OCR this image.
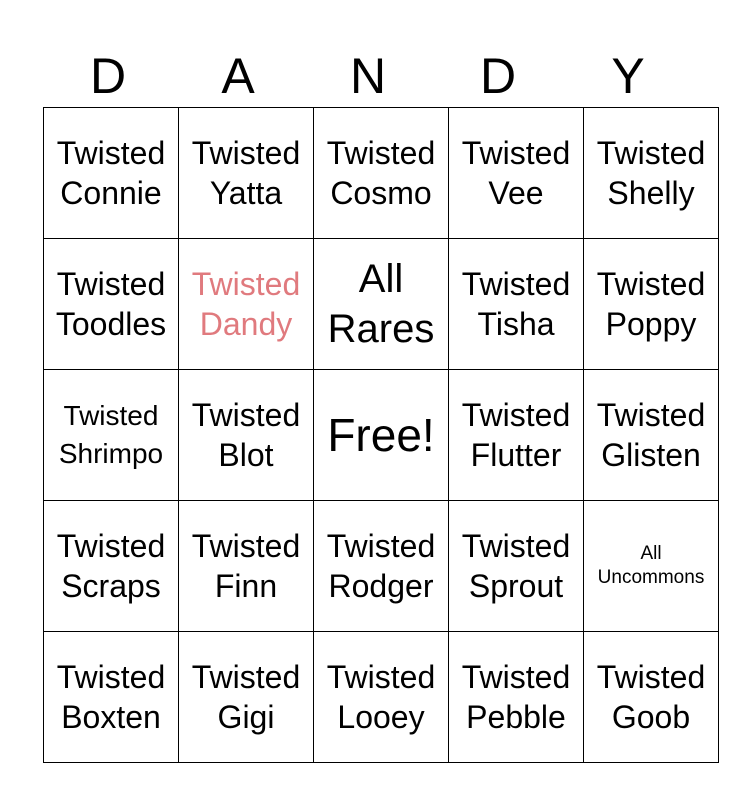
D	A	N	D	Y
Twisted Connie	Twisted Yatta	Twisted Cosmo	Twisted Vee	Twisted Shelly

Twisted Toodles	Twisted Dandy	All Rares	Twisted Tisha	Twisted Poppy

Twisted Shrimpo	Twisted Blot	Free!	Twisted Flutter	Twisted Glisten

Twisted Scraps	Twisted Finn	Twisted Rodger	Twisted Sprout	All Uncommons

Twisted Boxten	Twisted Gigi	Twisted Looey	Twisted Pebble	Twisted Goob
